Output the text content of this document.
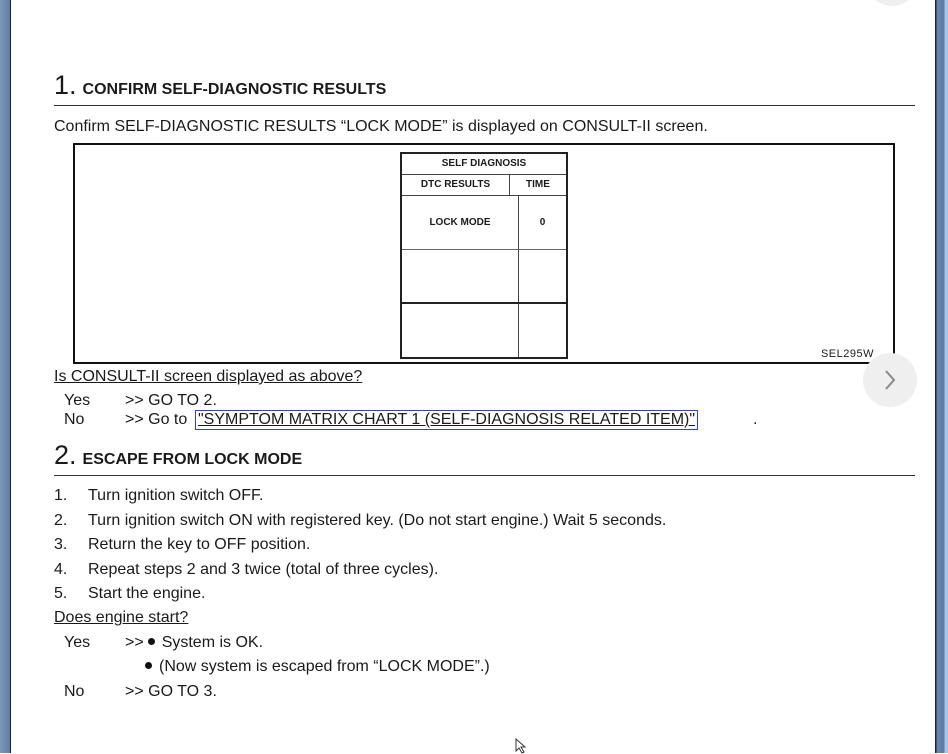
1 . CONFIRM SELF-DIAGNOSTIC RESULTS
Confirm SELF-DIAGNOSTIC RESULTS “LOCK MODE” is displayed on CONSULT-II screen.
SELF DIAGNOSIS
DTC RESULTS	TIME
LOCK MODE	0
SEL295W
Is CONSULT-II screen displayed as above?
Yes >> GO TO 2.
No	>> Go to "SYMPTOM MATRIX CHART 1 (SELF-DIAGNOSIS RELATED ITEM)"	.
2 . ESCAPE FROM LOCK MODE
1. Turn ignition switch OFF.
2. Turn ignition switch ON with registered key. (Do not start engine.) Wait 5 seconds.
3. Return the key to OFF position.
4. Repeat steps 2 and 3 twice (total of three cycles).
5. Start the engine.
Does engine start?
Yes >> System is OK.
(Now system is escaped from “LOCK MODE”.)
No	>> GO TO 3.
